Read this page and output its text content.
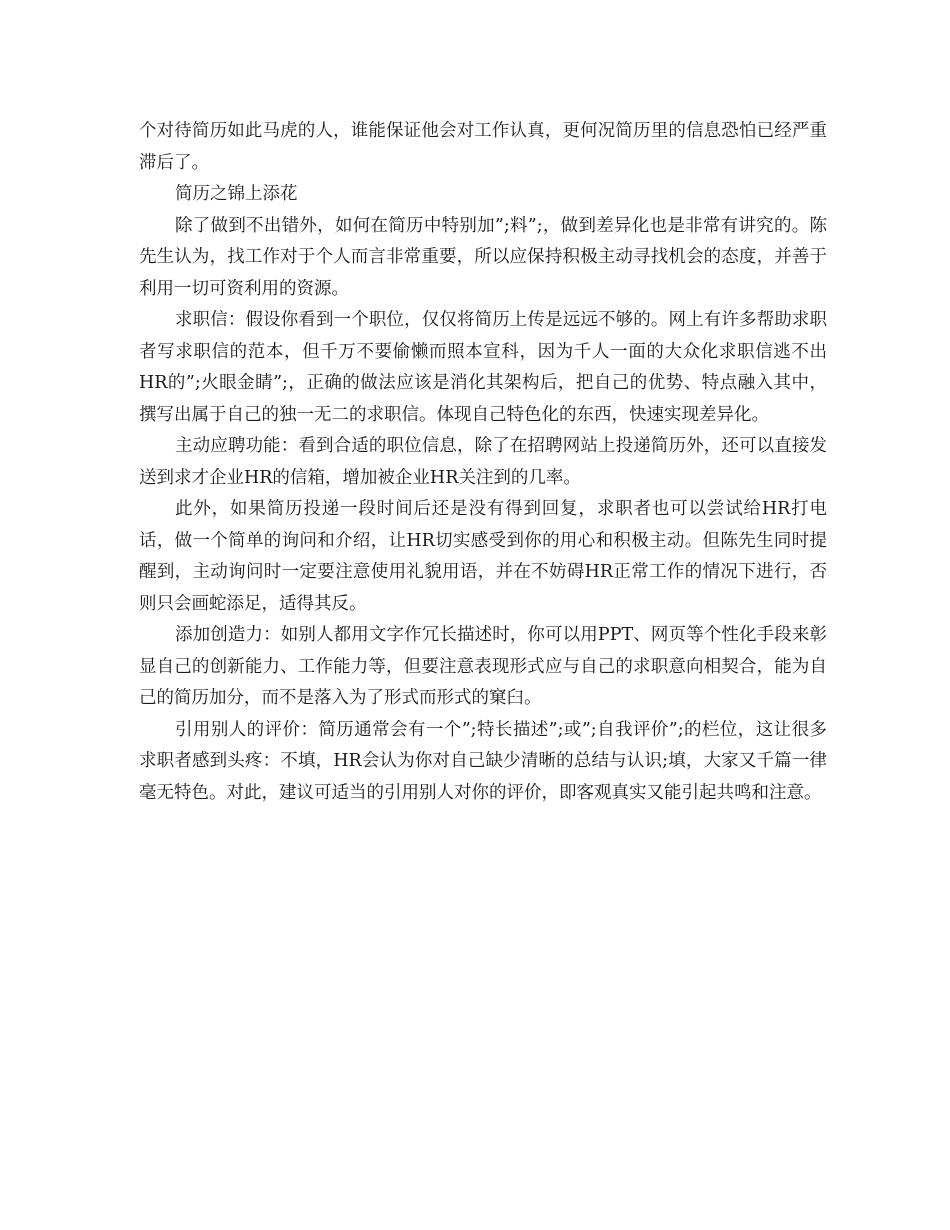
个对待简历如此马虎的人，谁能保证他会对工作认真，更何况简历里的信息恐怕已经严重滞后了。

简历之锦上添花

除了做到不出错外，如何在简历中特别加”;料”;，做到差异化也是非常有讲究的。陈先生认为，找工作对于个人而言非常重要，所以应保持积极主动寻找机会的态度，并善于利用一切可资利用的资源。

求职信：假设你看到一个职位，仅仅将简历上传是远远不够的。网上有许多帮助求职者写求职信的范本，但千万不要偷懒而照本宣科，因为千人一面的大众化求职信逃不出HR的”;火眼金睛”;，正确的做法应该是消化其架构后，把自己的优势、特点融入其中，撰写出属于自己的独一无二的求职信。体现自己特色化的东西，快速实现差异化。

主动应聘功能：看到合适的职位信息，除了在招聘网站上投递简历外，还可以直接发送到求才企业HR的信箱，增加被企业HR关注到的几率。

此外，如果简历投递一段时间后还是没有得到回复，求职者也可以尝试给HR打电话，做一个简单的询问和介绍，让HR切实感受到你的用心和积极主动。但陈先生同时提醒到，主动询问时一定要注意使用礼貌用语，并在不妨碍HR正常工作的情况下进行，否则只会画蛇添足，适得其反。

添加创造力：如别人都用文字作冗长描述时，你可以用PPT、网页等个性化手段来彰显自己的创新能力、工作能力等，但要注意表现形式应与自己的求职意向相契合，能为自己的简历加分，而不是落入为了形式而形式的窠臼。

引用别人的评价：简历通常会有一个”;特长描述”;或”;自我评价”;的栏位，这让很多求职者感到头疼：不填，HR会认为你对自己缺少清晰的总结与认识;填，大家又千篇一律毫无特色。对此，建议可适当的引用别人对你的评价，即客观真实又能引起共鸣和注意。
